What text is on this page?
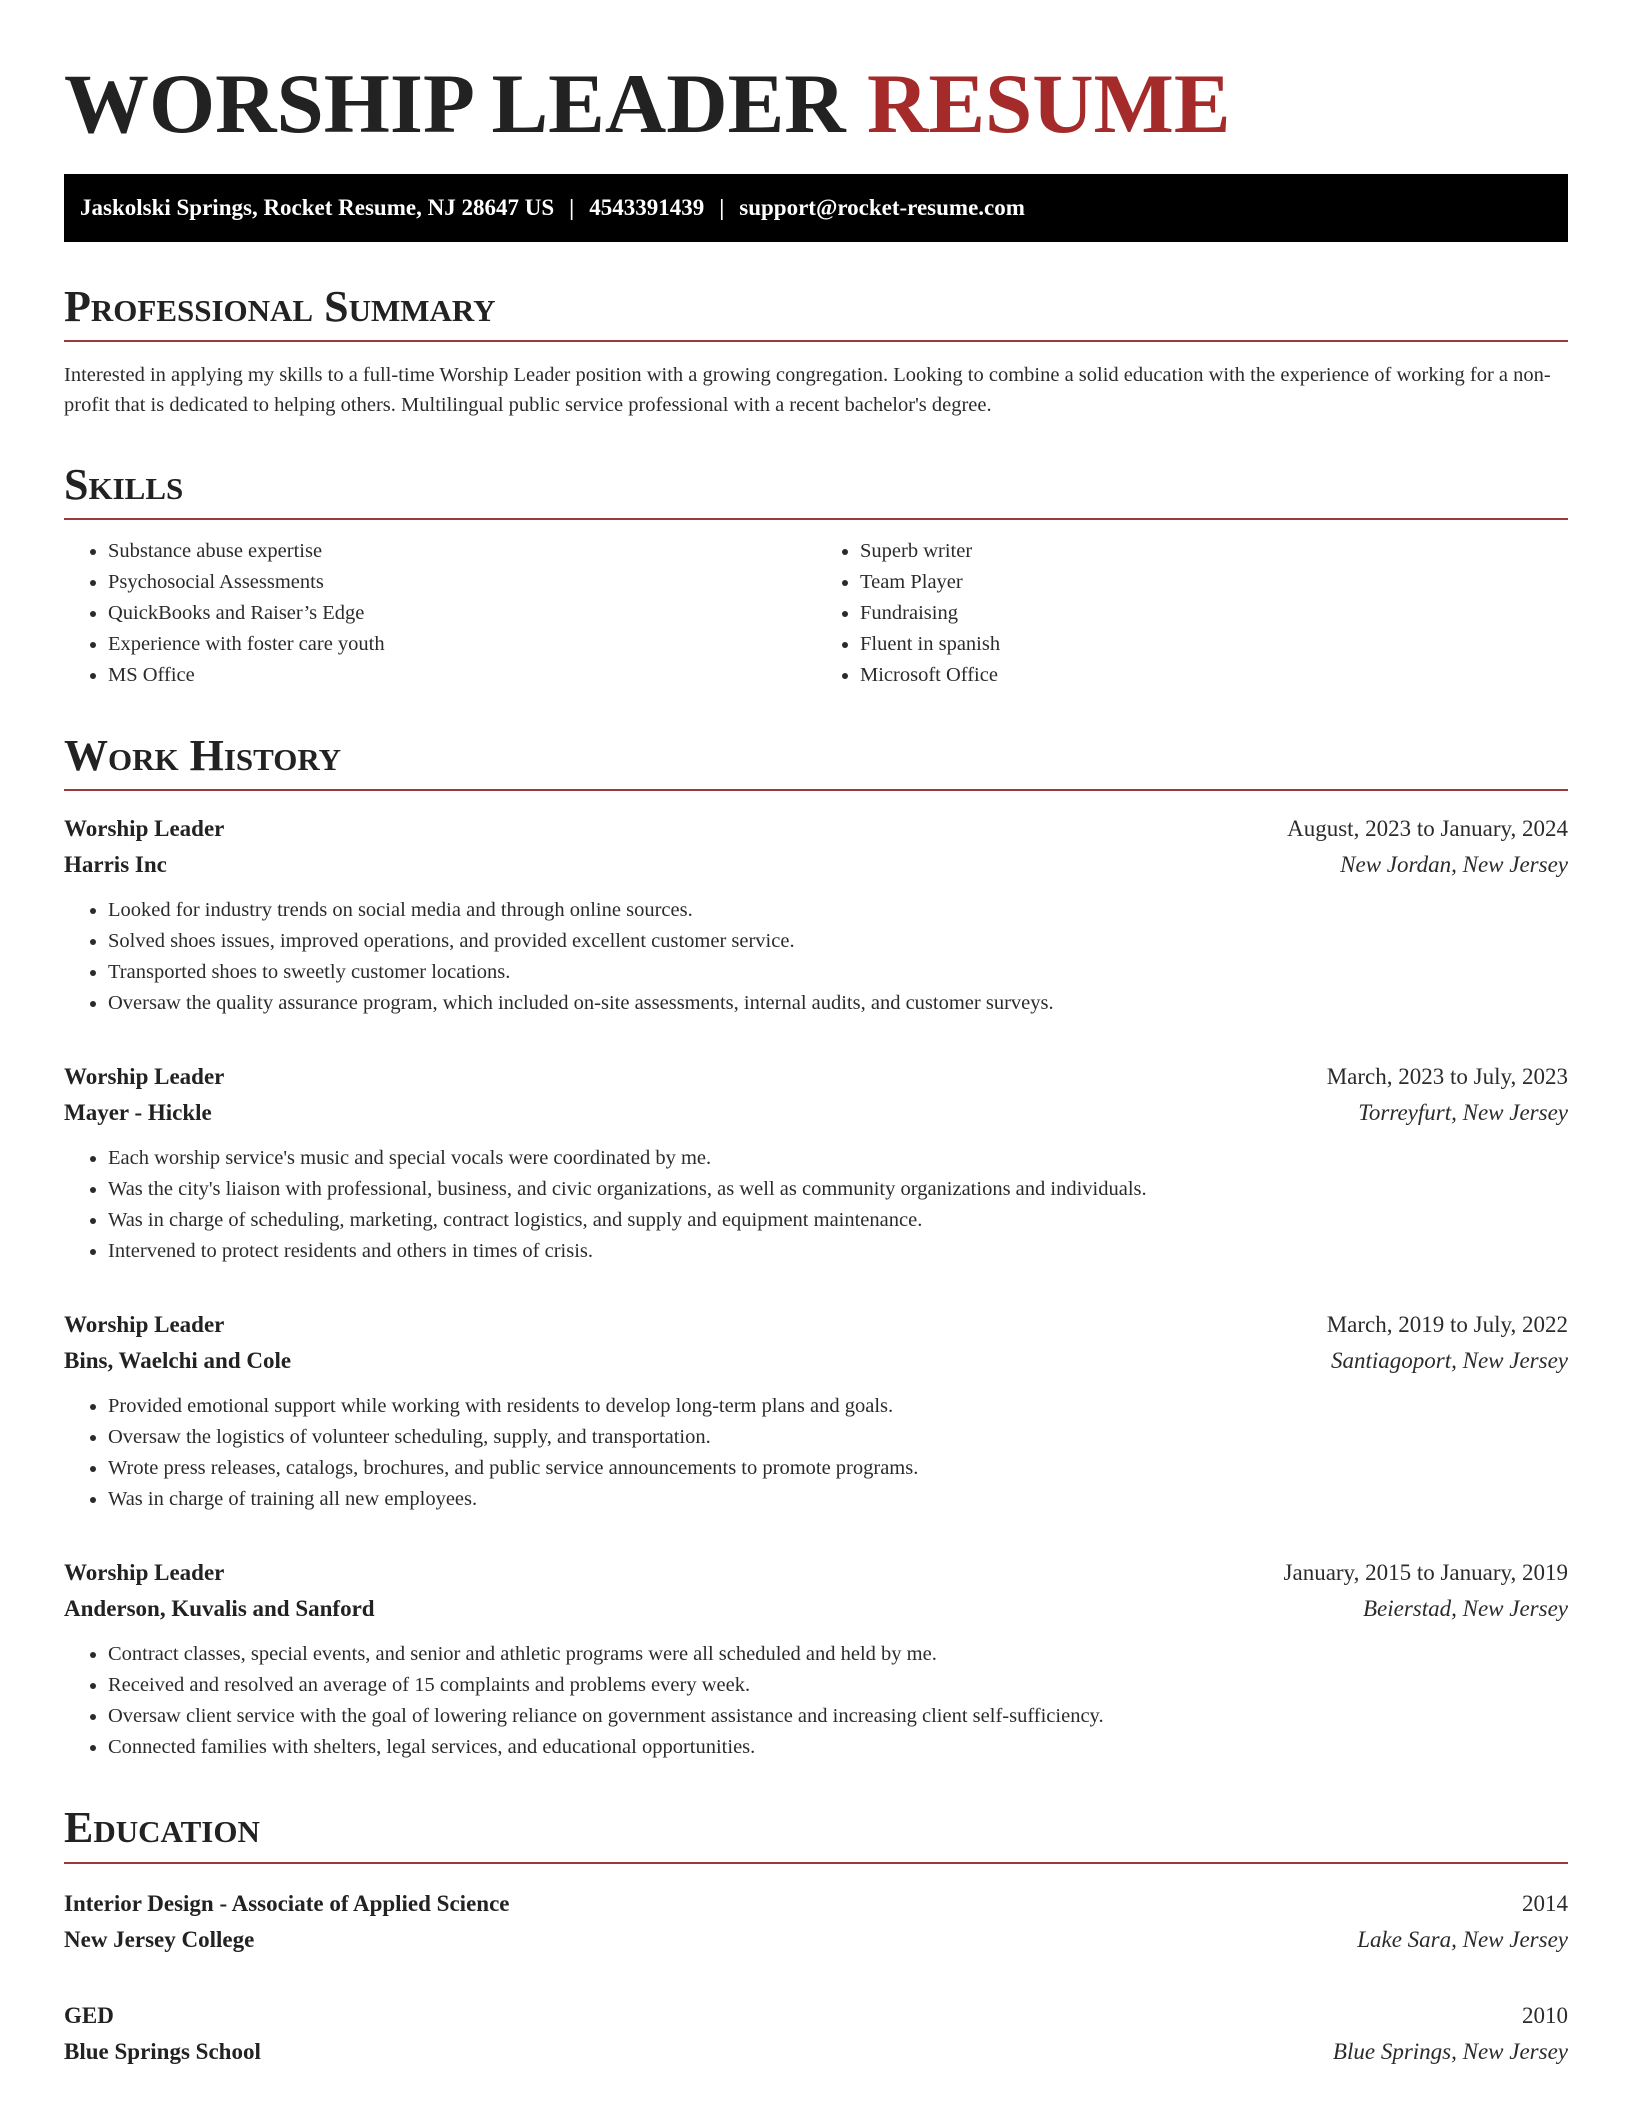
WORSHIP LEADER RESUME
Jaskolski Springs, Rocket Resume, NJ 28647 US | 4543391439 | support@rocket-resume.com
Professional Summary

Interested in applying my skills to a full-time Worship Leader position with a growing congregation. Looking to combine a solid education with the experience of working for a non-profit that is dedicated to helping others. Multilingual public service professional with a recent bachelor's degree.

Skills
• Substance abuse expertise
• Psychosocial Assessments
• QuickBooks and Raiser’s Edge
• Experience with foster care youth
• MS Office
• Superb writer
• Team Player
• Fundraising
• Fluent in spanish
• Microsoft Office
Work History
Worship Leader	August, 2023 to January, 2024
Harris Inc	New Jordan, New Jersey
• Looked for industry trends on social media and through online sources.
• Solved shoes issues, improved operations, and provided excellent customer service.
• Transported shoes to sweetly customer locations.
• Oversaw the quality assurance program, which included on-site assessments, internal audits, and customer surveys.
Worship Leader	March, 2023 to July, 2023
Mayer - Hickle	Torreyfurt, New Jersey
• Each worship service's music and special vocals were coordinated by me.
• Was the city's liaison with professional, business, and civic organizations, as well as community organizations and individuals.
• Was in charge of scheduling, marketing, contract logistics, and supply and equipment maintenance.
• Intervened to protect residents and others in times of crisis.
Worship Leader	March, 2019 to July, 2022
Bins, Waelchi and Cole	Santiagoport, New Jersey
• Provided emotional support while working with residents to develop long-term plans and goals.
• Oversaw the logistics of volunteer scheduling, supply, and transportation.
• Wrote press releases, catalogs, brochures, and public service announcements to promote programs.
• Was in charge of training all new employees.
Worship Leader	January, 2015 to January, 2019
Anderson, Kuvalis and Sanford	Beierstad, New Jersey
• Contract classes, special events, and senior and athletic programs were all scheduled and held by me.
• Received and resolved an average of 15 complaints and problems every week.
• Oversaw client service with the goal of lowering reliance on government assistance and increasing client self-sufficiency.
• Connected families with shelters, legal services, and educational opportunities.
Education
Interior Design - Associate of Applied Science	2014
New Jersey College	Lake Sara, New Jersey
GED	2010
Blue Springs School	Blue Springs, New Jersey
